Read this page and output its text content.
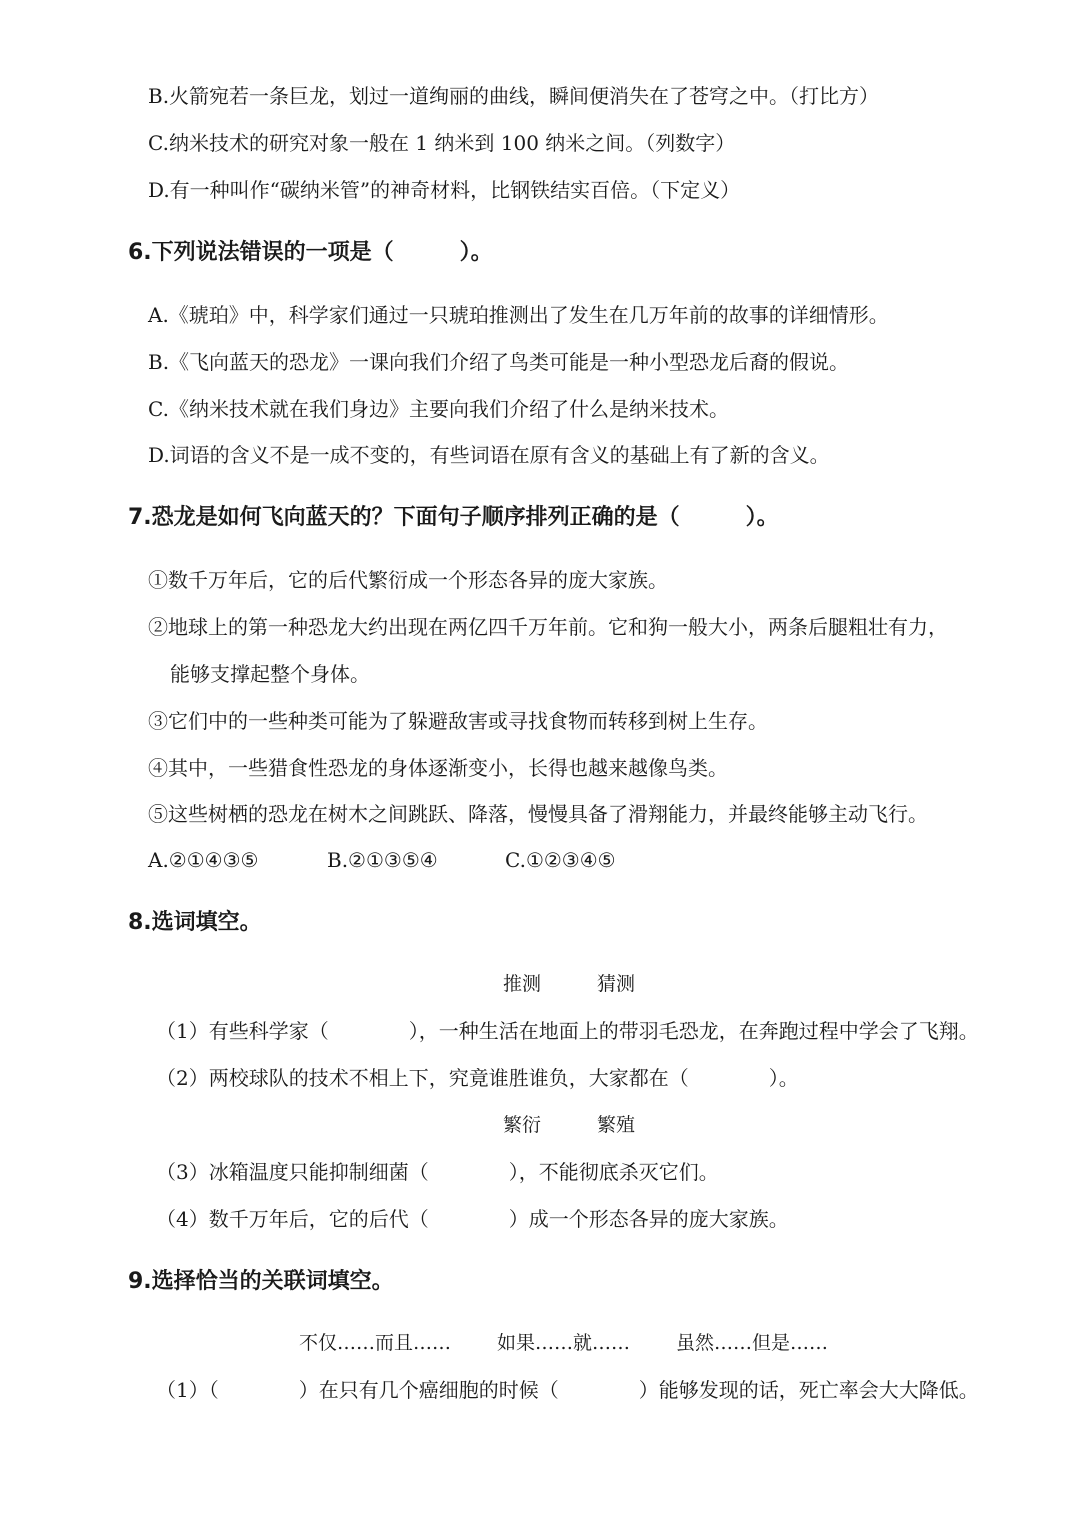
B.火箭宛若一条巨龙，划过一道绚丽的曲线，瞬间便消失在了苍穹之中。（打比方）
C.纳米技术的研究对象一般在 1 纳米到 100 纳米之间。（列数字）
D.有一种叫作“碳纳米管”的神奇材料，比钢铁结实百倍。（下定义）
6.下列说法错误的一项是（　　　）。
A.《琥珀》中，科学家们通过一只琥珀推测出了发生在几万年前的故事的详细情形。
B.《飞向蓝天的恐龙》一课向我们介绍了鸟类可能是一种小型恐龙后裔的假说。
C.《纳米技术就在我们身边》主要向我们介绍了什么是纳米技术。
D.词语的含义不是一成不变的，有些词语在原有含义的基础上有了新的含义。
7.恐龙是如何飞向蓝天的？下面句子顺序排列正确的是（　　　）。
①数千万年后，它的后代繁衍成一个形态各异的庞大家族。
②地球上的第一种恐龙大约出现在两亿四千万年前。它和狗一般大小，两条后腿粗壮有力，
能够支撑起整个身体。
③它们中的一些种类可能为了躲避敌害或寻找食物而转移到树上生存。
④其中，一些猎食性恐龙的身体逐渐变小，长得也越来越像鸟类。
⑤这些树栖的恐龙在树木之间跳跃、降落，慢慢具备了滑翔能力，并最终能够主动飞行。
A.②①④③⑤	B.②①③⑤④	C.①②③④⑤
8.选词填空。
推测	猜测
（1）有些科学家（　　　　），一种生活在地面上的带羽毛恐龙，在奔跑过程中学会了飞翔。
（2）两校球队的技术不相上下，究竟谁胜谁负，大家都在（　　　　）。
繁衍	繁殖
（3）冰箱温度只能抑制细菌（　　　　），不能彻底杀灭它们。
（4）数千万年后，它的后代（　　　　）成一个形态各异的庞大家族。
9.选择恰当的关联词填空。
不仅……而且…… 如果……就…… 虽然……但是……
（1）（　　　　）在只有几个癌细胞的时候（　　　　）能够发现的话，死亡率会大大降低。
